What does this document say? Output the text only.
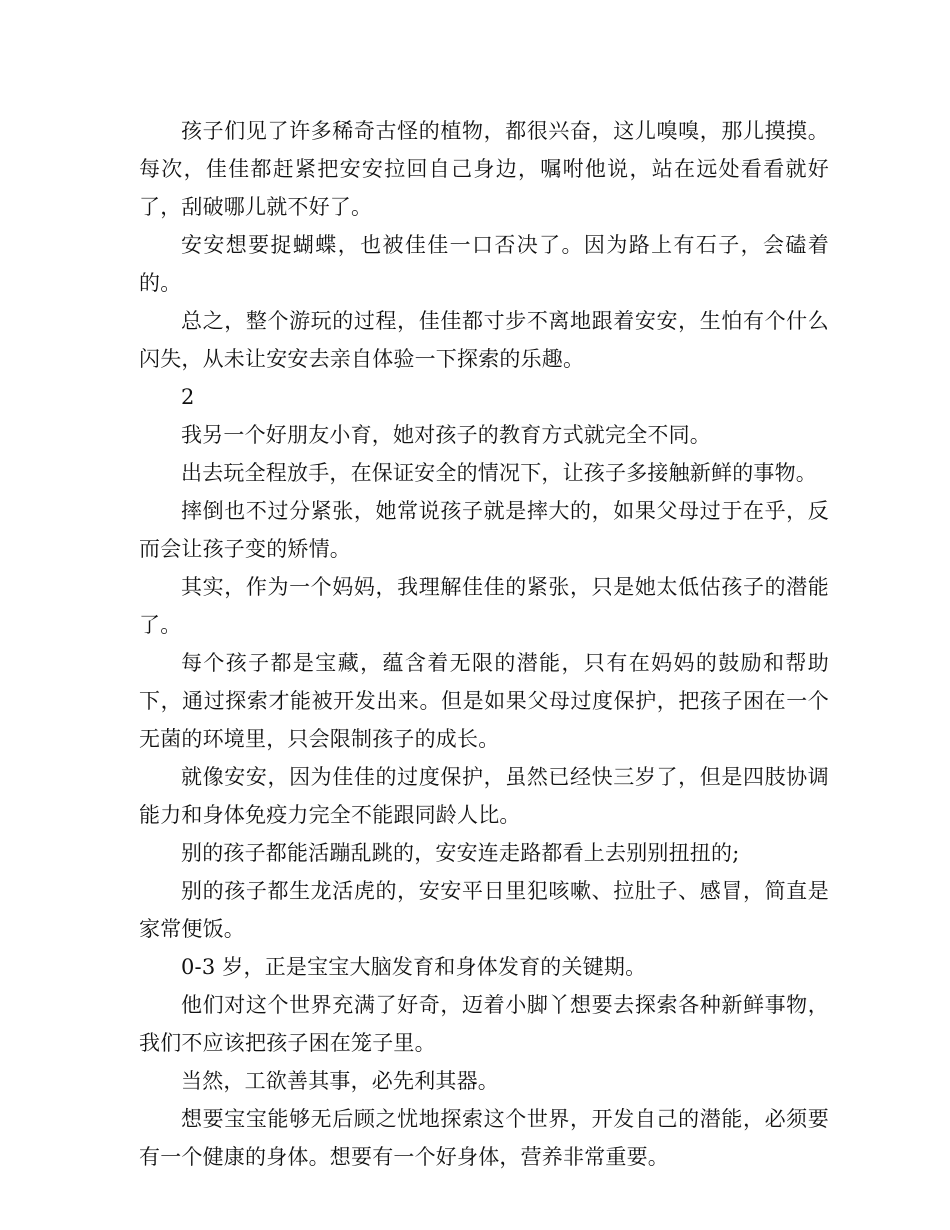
孩子们见了许多稀奇古怪的植物，都很兴奋，这儿嗅嗅，那儿摸摸。每次，佳佳都赶紧把安安拉回自己身边，嘱咐他说，站在远处看看就好了，刮破哪儿就不好了。

安安想要捉蝴蝶，也被佳佳一口否决了。因为路上有石子，会磕着的。

总之，整个游玩的过程，佳佳都寸步不离地跟着安安，生怕有个什么闪失，从未让安安去亲自体验一下探索的乐趣。

2

我另一个好朋友小育，她对孩子的教育方式就完全不同。

出去玩全程放手，在保证安全的情况下，让孩子多接触新鲜的事物。

摔倒也不过分紧张，她常说孩子就是摔大的，如果父母过于在乎，反而会让孩子变的矫情。

其实，作为一个妈妈，我理解佳佳的紧张，只是她太低估孩子的潜能了。

每个孩子都是宝藏，蕴含着无限的潜能，只有在妈妈的鼓励和帮助下，通过探索才能被开发出来。但是如果父母过度保护，把孩子困在一个无菌的环境里，只会限制孩子的成长。

就像安安，因为佳佳的过度保护，虽然已经快三岁了，但是四肢协调能力和身体免疫力完全不能跟同龄人比。

别的孩子都能活蹦乱跳的，安安连走路都看上去别别扭扭的;

别的孩子都生龙活虎的，安安平日里犯咳嗽、拉肚子、感冒，简直是家常便饭。

0-3 岁，正是宝宝大脑发育和身体发育的关键期。

他们对这个世界充满了好奇，迈着小脚丫想要去探索各种新鲜事物，我们不应该把孩子困在笼子里。

当然，工欲善其事，必先利其器。

想要宝宝能够无后顾之忧地探索这个世界，开发自己的潜能，必须要有一个健康的身体。想要有一个好身体，营养非常重要。
